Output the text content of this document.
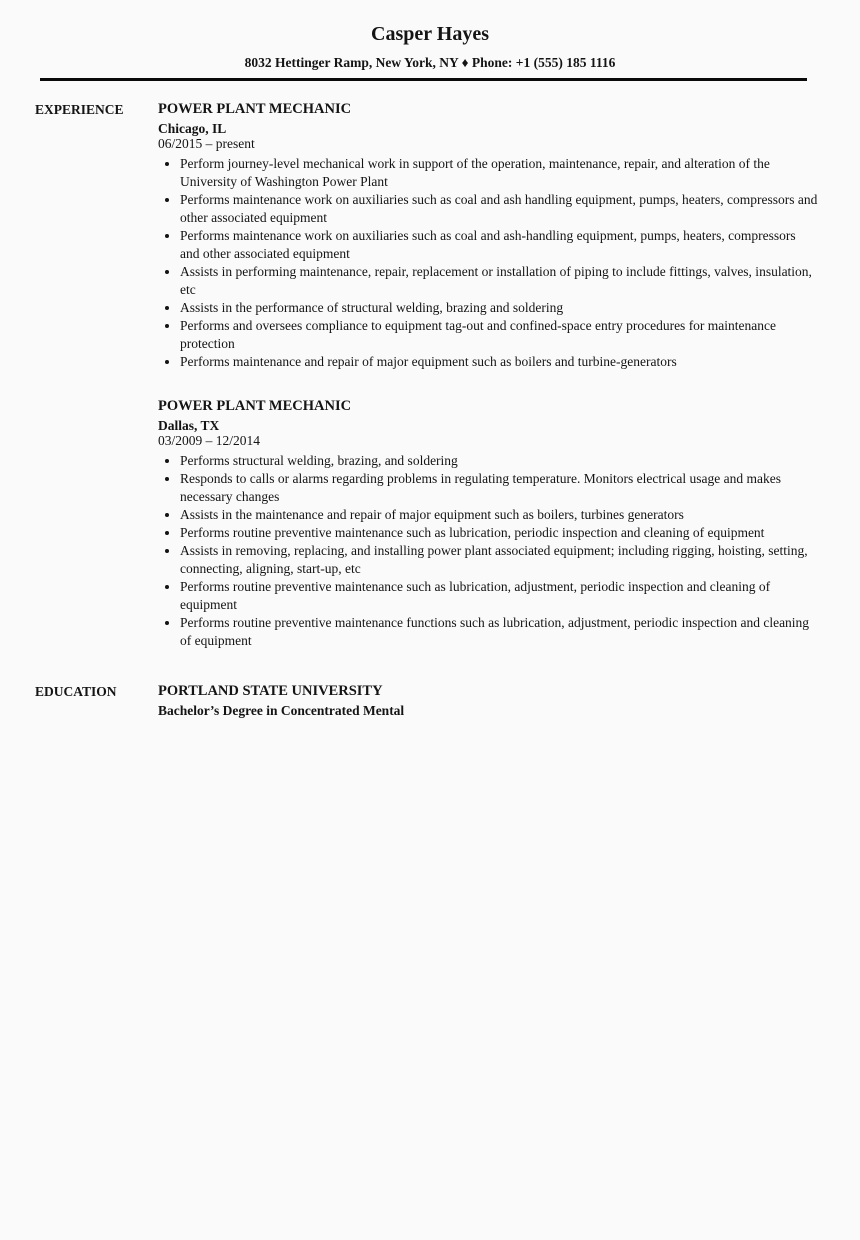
Casper Hayes
8032 Hettinger Ramp, New York, NY ♦ Phone: +1 (555) 185 1116
EXPERIENCE	POWER PLANT MECHANIC
Chicago, IL
06/2015 – present
• Perform journey-level mechanical work in support of the operation, maintenance, repair, and alteration of the University of Washington Power Plant
• Performs maintenance work on auxiliaries such as coal and ash handling equipment, pumps, heaters, compressors and other associated equipment
• Performs maintenance work on auxiliaries such as coal and ash-handling equipment, pumps, heaters, compressors and other associated equipment
• Assists in performing maintenance, repair, replacement or installation of piping to include fittings, valves, insulation, etc
• Assists in the performance of structural welding, brazing and soldering
• Performs and oversees compliance to equipment tag-out and confined-space entry procedures for maintenance protection
• Performs maintenance and repair of major equipment such as boilers and turbine-generators
POWER PLANT MECHANIC
Dallas, TX
03/2009 – 12/2014
• Performs structural welding, brazing, and soldering
• Responds to calls or alarms regarding problems in regulating temperature. Monitors electrical usage and makes necessary changes
• Assists in the maintenance and repair of major equipment such as boilers, turbines generators
• Performs routine preventive maintenance such as lubrication, periodic inspection and cleaning of equipment
• Assists in removing, replacing, and installing power plant associated equipment; including rigging, hoisting, setting, connecting, aligning, start-up, etc
• Performs routine preventive maintenance such as lubrication, adjustment, periodic inspection and cleaning of equipment
• Performs routine preventive maintenance functions such as lubrication, adjustment, periodic inspection and cleaning of equipment
EDUCATION	PORTLAND STATE UNIVERSITY
Bachelor’s Degree in Concentrated Mental
